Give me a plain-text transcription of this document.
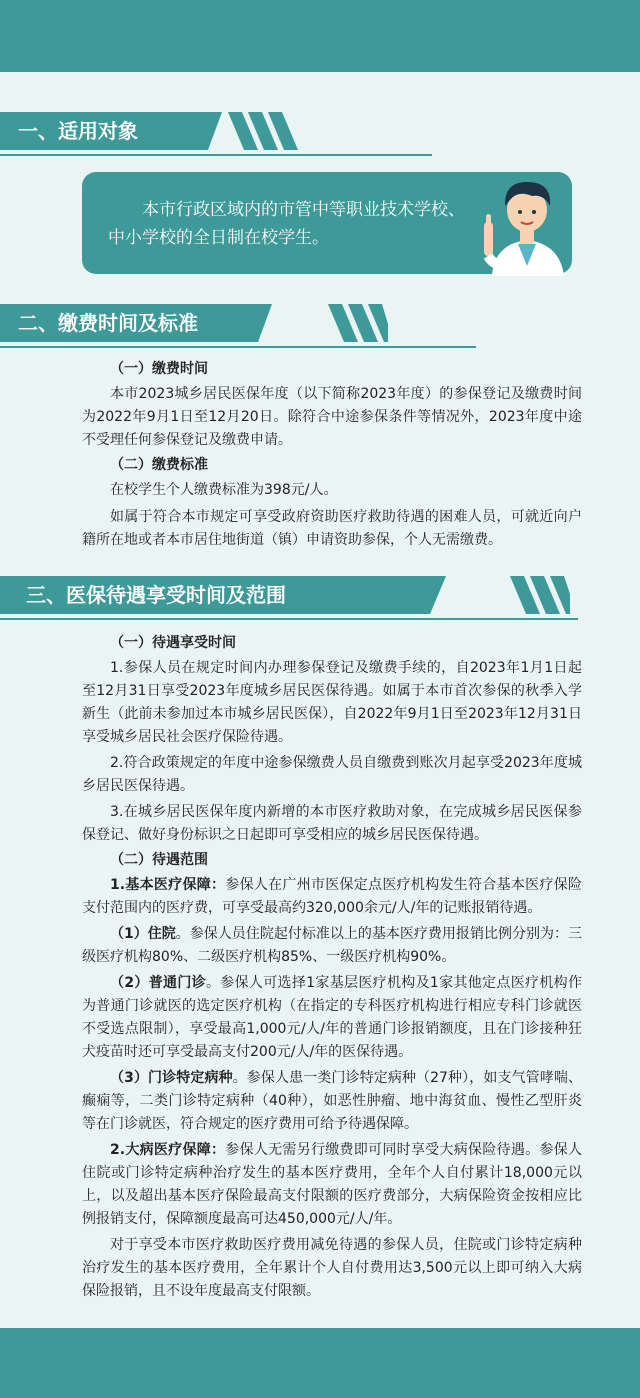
一、适用对象
本市行政区域内的市管中等职业技术学校、中小学校的全日制在校学生。
二、缴费时间及标准
（一）缴费时间

本市2023城乡居民医保年度（以下简称2023年度）的参保登记及缴费时间为2022年9月1日至12月20日。除符合中途参保条件等情况外，2023年度中途不受理任何参保登记及缴费申请。

（二）缴费标准

在校学生个人缴费标准为398元/人。

如属于符合本市规定可享受政府资助医疗救助待遇的困难人员，可就近向户籍所在地或者本市居住地街道（镇）申请资助参保，个人无需缴费。

三、医保待遇享受时间及范围
（一）待遇享受时间

1.参保人员在规定时间内办理参保登记及缴费手续的，自2023年1月1日起至12月31日享受2023年度城乡居民医保待遇。如属于本市首次参保的秋季入学新生（此前未参加过本市城乡居民医保），自2022年9月1日至2023年12月31日享受城乡居民社会医疗保险待遇。

2.符合政策规定的年度中途参保缴费人员自缴费到账次月起享受2023年度城乡居民医保待遇。

3.在城乡居民医保年度内新增的本市医疗救助对象，在完成城乡居民医保参保登记、做好身份标识之日起即可享受相应的城乡居民医保待遇。

（二）待遇范围

1.基本医疗保障：参保人在广州市医保定点医疗机构发生符合基本医疗保险支付范围内的医疗费，可享受最高约320,000余元/人/年的记账报销待遇。

（1）住院。参保人员住院起付标准以上的基本医疗费用报销比例分别为：三级医疗机构80%、二级医疗机构85%、一级医疗机构90%。

（2）普通门诊。参保人可选择1家基层医疗机构及1家其他定点医疗机构作为普通门诊就医的选定医疗机构（在指定的专科医疗机构进行相应专科门诊就医不受选点限制），享受最高1,000元/人/年的普通门诊报销额度，且在门诊接种狂犬疫苗时还可享受最高支付200元/人/年的医保待遇。

（3）门诊特定病种。参保人患一类门诊特定病种（27种），如支气管哮喘、癫痫等，二类门诊特定病种（40种），如恶性肿瘤、地中海贫血、慢性乙型肝炎等在门诊就医，符合规定的医疗费用可给予待遇保障。

2.大病医疗保障：参保人无需另行缴费即可同时享受大病保险待遇。参保人住院或门诊特定病种治疗发生的基本医疗费用，全年个人自付累计18,000元以上，以及超出基本医疗保险最高支付限额的医疗费部分，大病保险资金按相应比例报销支付，保障额度最高可达450,000元/人/年。

对于享受本市医疗救助医疗费用减免待遇的参保人员，住院或门诊特定病种治疗发生的基本医疗费用，全年累计个人自付费用达3,500元以上即可纳入大病保险报销，且不设年度最高支付限额。
